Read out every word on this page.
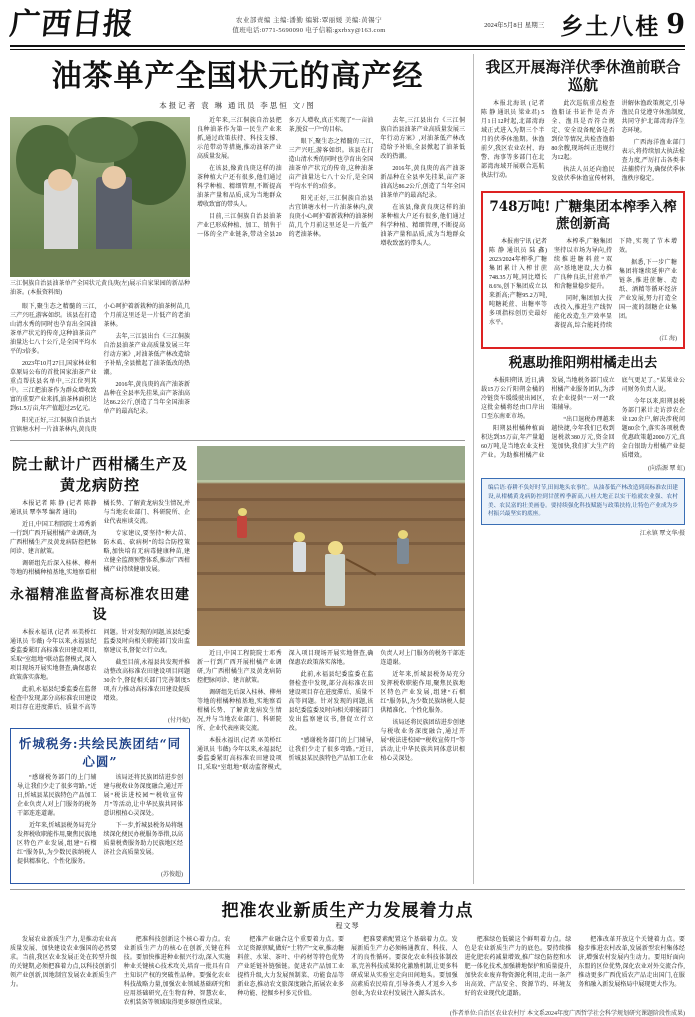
广西日报	农业部责编 主编:潘勤 编辑:覃丽媛 美编:黄锡宁
值班电话:0771-5690090 电子信箱:gxrbxy@163.com
2024年5月8日 星期三 乡土八桂 9
油茶单产全国状元的高产经
本报记者 袁 琳 通讯员 李思恒 文/图
三江侗族自治县油茶单产全国状元黄良庚(左)展示自家果园的新品种油茶。(本报资料图)

眼下,聚生态之精髓的三江,三产兴旺,游客如织。该县在打造山清水秀的同时也孕育出全国油茶单产状元的传奇,这种油茶亩产油量达七八十公斤,是全国平均水平的3倍多。

2023年10月27日,国家林业和草原局公布的首批国家油茶产业重点帮扶县名单中,三江位列其中。三江把油茶作为群众增收致富的重要产业来抓,油茶林面积达到61.5万亩,年产值超过25亿元。

阳光正好,三江侗族自治县古宜镇塘水村一片油茶林内,黄良庚小心呵护着新栽种的油茶树苗,几个月前这里还是一片低产的老油茶林。

去年,三江县出台《三江侗族自治县油茶产业高质量发展三年行动方案》,对油茶低产林改造给予补贴,全县掀起了油茶低改的热潮。

2016年,黄良庚的高产油茶新品种在全县率先挂果,亩产茶油高达86.2公斤,创造了当年全国油茶单产的最高纪录。

近年来,三江侗族自治县把良种油茶作为第一民生产业来抓,通过政策扶持、科技支撑、示范带动等措施,推动油茶产业高质量发展。

在该县,像黄良庚这样的油茶种植大户还有很多,他们通过科学种植、精细管理,不断提高油茶产量和品质,成为当地群众增收致富的带头人。

目前,三江侗族自治县油茶产业已形成种植、加工、销售于一体的全产业链条,带动全县20多万人增收,真正实现了“一亩油茶,脱贫一户”的目标。

眼下,聚生态之精髓的三江,三产兴旺,游客如织。该县在打造山清水秀的同时也孕育出全国油茶单产状元的传奇,这种油茶亩产油量达七八十公斤,是全国平均水平的3倍多。

阳光正好,三江侗族自治县古宜镇塘水村一片油茶林内,黄良庚小心呵护着新栽种的油茶树苗,几个月前这里还是一片低产的老油茶林。

去年,三江县出台《三江侗族自治县油茶产业高质量发展三年行动方案》,对油茶低产林改造给予补贴,全县掀起了油茶低改的热潮。

2016年,黄良庚的高产油茶新品种在全县率先挂果,亩产茶油高达86.2公斤,创造了当年全国油茶单产的最高纪录。

在该县,像黄良庚这样的油茶种植大户还有很多,他们通过科学种植、精细管理,不断提高油茶产量和品质,成为当地群众增收致富的带头人。

院士献计广西柑橘生产及黄龙病防控

本报记者 陈 静 (记者 陈静 通讯员 覃李琴 编者 通讯)

近日,中国工程院院士邓秀新一行到广西开展柑橘产业调研,为广西柑橘生产及黄龙病防控把脉问诊、建言献策。

调研组先后深入桂林、柳州等地的柑橘种植基地,实地察看柑橘长势、了解黄龙病发生情况,并与当地农业部门、科研院所、企业代表座谈交流。

专家建议,要坚持“种大苗、防木虱、砍病树”的综合防控策略,加快培育无病毒健康种苗,建立健全监测预警体系,推动广西柑橘产业持续健康发展。

永福精准监督高标准农田建设

本报永福讯 (记者 巫美桥红 通讯员 韦薇) 今年以来,永福县纪委监委紧盯高标准农田建设项目,采取“室组地”联动监督模式,深入项目现场开展实地督查,确保惠农政策落实落地。

此前,永福县纪委监委在监督检查中发现,部分高标准农田建设项目存在进度滞后、质量不高等问题。针对发现的问题,该县纪委监委及时向相关职能部门发出监察建议书,督促立行立改。

截至目前,永福县共发现并推动整改高标准农田建设项目问题30余个,督促相关部门完善制度5项,有力推动高标准农田建设提质增效。

(付丹妮)
忻城税务:共绘民族团结“同心圆”

“感谢税务部门的上门辅导,让我们少走了很多弯路。”近日,忻城县某民族特色产品加工企业负责人对上门服务的税务干部连连道谢。

近年来,忻城县税务局充分发挥税收职能作用,聚焦民族地区特色产业发展,组建“石榴红”服务队,为少数民族纳税人提供精准化、个性化服务。

该局还将民族团结进步创建与税收业务深度融合,通过开展“税法进校园”“税收宣传月”等活动,让中华民族共同体意识根植心灵深处。

下一步,忻城县税务局将继续深化便民办税服务举措,以高质量税费服务助力民族地区经济社会高质量发展。

(苏俊超)

近日,中国工程院院士邓秀新一行到广西开展柑橘产业调研,为广西柑橘生产及黄龙病防控把脉问诊、建言献策。

调研组先后深入桂林、柳州等地的柑橘种植基地,实地察看柑橘长势、了解黄龙病发生情况,并与当地农业部门、科研院所、企业代表座谈交流。

本报永福讯 (记者 巫美桥红 通讯员 韦薇) 今年以来,永福县纪委监委紧盯高标准农田建设项目,采取“室组地”联动监督模式,深入项目现场开展实地督查,确保惠农政策落实落地。

此前,永福县纪委监委在监督检查中发现,部分高标准农田建设项目存在进度滞后、质量不高等问题。针对发现的问题,该县纪委监委及时向相关职能部门发出监察建议书,督促立行立改。

“感谢税务部门的上门辅导,让我们少走了很多弯路。”近日,忻城县某民族特色产品加工企业负责人对上门服务的税务干部连连道谢。

近年来,忻城县税务局充分发挥税收职能作用,聚焦民族地区特色产业发展,组建“石榴红”服务队,为少数民族纳税人提供精准化、个性化服务。

该局还将民族团结进步创建与税收业务深度融合,通过开展“税法进校园”“税收宣传月”等活动,让中华民族共同体意识根植心灵深处。

我区开展海洋伏季休渔前联合巡航

本报北海讯 (记者 陈 静 通讯员 梁业君) 5月1日12时起,北部湾海域正式进入为期三个半月的伏季休渔期。休渔前夕,我区农业农村、海警、海事等多部门在北部湾海域开展联合巡航执法行动。

此次巡航重点检查渔船证书证件是否齐全、渔具是否符合规定、安全设备配备是否到位等情况,共检查渔船80余艘,现场纠正违规行为12起。

执法人员还向渔民发放伏季休渔宣传材料,讲解休渔政策规定,引导渔民自觉遵守休渔制度,共同守护北部湾海洋生态环境。

广西海洋渔业部门表示,将持续加大执法检查力度,严厉打击各类非法捕捞行为,确保伏季休渔秩序稳定。

748万吨! 广糖集团本榨季入榨蔗创新高

本报南宁讯 (记者 陈 静 通讯员 陆 鑫) 2023/2024年榨季,广糖集团累计入榨甘蔗748.35万吨,同比增长8.6%,创下集团成立以来新高;产糖95.2万吨,吨糖耗蔗、出糖率等多项指标创历史最好水平。

本榨季,广糖集团坚持以市场为导向,持续推进糖料蔗“双高”基地建设,大力推广良种良法,甘蔗单产和含糖量稳步提升。

同时,集团加大技改投入,推进生产线智能化改造,生产效率显著提高,综合能耗持续下降,实现了节本增效。

据悉,下一步广糖集团将继续延伸产业链条,推进蔗糖、造纸、酒精等循环经济产业发展,努力打造全国一流的制糖企业集团。

(江 海)
税惠助推阳朔柑橘走出去

本报阳朔讯 近日,满载15万公斤阳朔金橘的冷链货车缓缓驶出园区,这批金橘将经由口岸出口至东南亚市场。

阳朔县柑橘种植面积达到35万亩,年产量超60万吨,是当地农业支柱产业。为助推柑橘产业发展,当地税务部门成立柑橘产业服务团队,为涉农企业提供“一对一”政策辅导。

“出口退税办理越来越快捷,今年我们已收到退税款380万元,资金回笼加快,我们扩大生产的底气更足了。”某果业公司财务负责人说。

今年以来,阳朔县税务部门累计走访涉农企业120余户,解决涉税问题80余个,落实各项税费优惠政策超2000万元,真金白银助力柑橘产业提质增效。

(向浩源 覃 虹)
编后语:春耕不负好时节,田间地头农事忙。从油茶低产林改造到高标准农田建设,从柑橘黄龙病防控到甘蔗榨季新高,八桂大地正以实干绘就农业强、农村美、农民富的壮美画卷。要持续强化科技赋能与政策扶持,让特色产业成为乡村振兴最坚实的底座。
江永镇 覃文华/摄
把准农业新质生产力发展着力点
程文琴

发展农业新质生产力,是推动农业高质量发展、加快建设农业强国的必然要求。当前,我区农业发展正处在转型升级的关键期,必须把准着力点,以科技创新引领产业创新,因地制宜发展农业新质生产力。

把准科技创新这个核心着力点。农业新质生产力的核心在创新,关键在科技。要加快推进种业振兴行动,深入实施种业关键核心技术攻关,培育一批具有自主知识产权的突破性品种。要强化农业科技战略力量,加强农业领域基础研究和应用基础研究,在生物育种、智慧农业、农机装备等领域取得更多原创性成果。

把准产业融合这个重要着力点。要立足资源禀赋,做好“土特产”文章,推动糖料蔗、水果、茶叶、中药材等特色优势产业延链补链强链。促进农产品加工业提档升级,大力发展预制菜、功能食品等新业态,推动农文旅深度融合,拓展农业多种功能、挖掘乡村多元价值。

把准要素配置这个基础着力点。发展新质生产力必须畅通教育、科技、人才的良性循环。要深化农业科技体制改革,完善科技成果转化激励机制,让更多科研成果从实验室走向田间地头。要加强高素质农民培育,引导各类人才返乡入乡创业,为农业农村发展注入源头活水。

把准绿色低碳这个鲜明着力点。绿色是农业新质生产力的底色。要持续推进化肥农药减量增效,推广绿色防控和水肥一体化技术,加强耕地保护和质量提升,加快农业废弃物资源化利用,走出一条产出高效、产品安全、资源节约、环境友好的农业现代化道路。

把准改革开放这个关键着力点。要稳步推进农村改革,发展新型农村集体经济,增强农村发展内生动力。要用好面向东盟的区位优势,深化农业对外交流合作,推动更多广西优质农产品走出国门,在服务和融入新发展格局中展现更大作为。

(作者单位:自治区农业农村厅 本文系2024年度广西哲学社会科学规划研究课题阶段性成果)
